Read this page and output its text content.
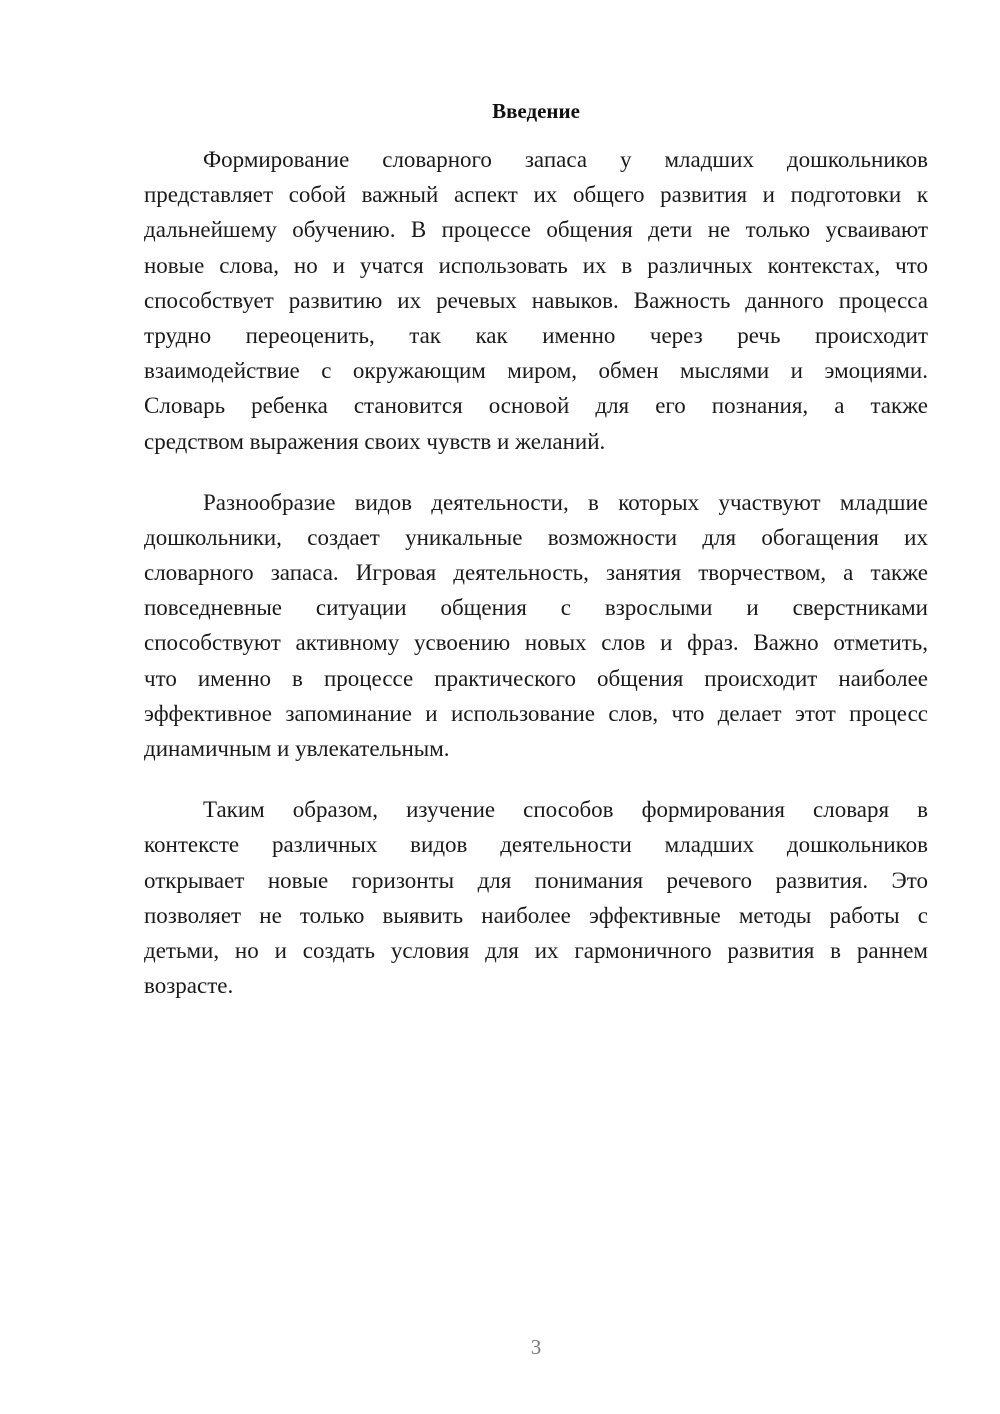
Введение

Формирование словарного запаса у младших дошкольников
представляет собой важный аспект их общего развития и подготовки к
дальнейшему обучению. В процессе общения дети не только усваивают
новые слова, но и учатся использовать их в различных контекстах, что
способствует развитию их речевых навыков. Важность данного процесса
трудно переоценить, так как именно через речь происходит
взаимодействие с окружающим миром, обмен мыслями и эмоциями.
Словарь ребенка становится основой для его познания, а также
средством выражения своих чувств и желаний.

Разнообразие видов деятельности, в которых участвуют младшие
дошкольники, создает уникальные возможности для обогащения их
словарного запаса. Игровая деятельность, занятия творчеством, а также
повседневные ситуации общения с взрослыми и сверстниками
способствуют активному усвоению новых слов и фраз. Важно отметить,
что именно в процессе практического общения происходит наиболее
эффективное запоминание и использование слов, что делает этот процесс
динамичным и увлекательным.

Таким образом, изучение способов формирования словаря в
контексте различных видов деятельности младших дошкольников
открывает новые горизонты для понимания речевого развития. Это
позволяет не только выявить наиболее эффективные методы работы с
детьми, но и создать условия для их гармоничного развития в раннем
возрасте.

3
